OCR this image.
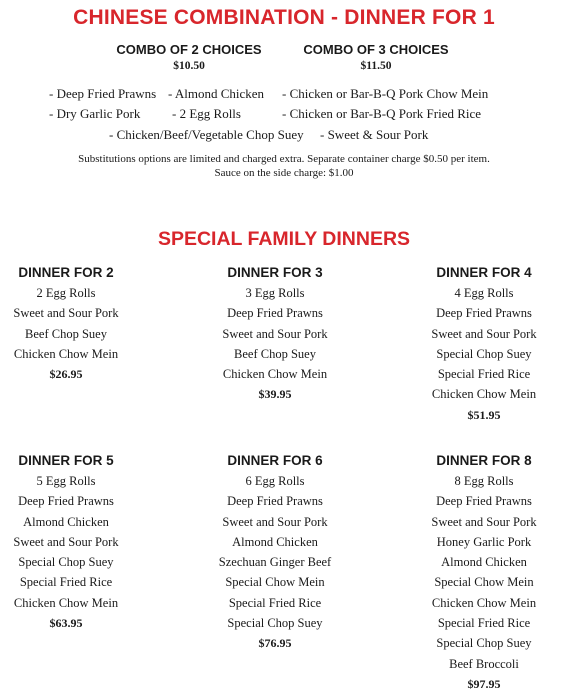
CHINESE COMBINATION - DINNER FOR 1
COMBO OF 2 CHOICES
$10.50
COMBO OF 3 CHOICES
$11.50
- Deep Fried Prawns - Almond Chicken - Chicken or Bar-B-Q Pork Chow Mein
- Dry Garlic Pork - 2 Egg Rolls	- Chicken or Bar-B-Q Pork Fried Rice
- Chicken/Beef/Vegetable Chop Suey - Sweet & Sour Pork
Substitutions options are limited and charged extra. Separate container charge $0.50 per item.
Sauce on the side charge: $1.00
SPECIAL FAMILY DINNERS
DINNER FOR 2
2 Egg Rolls
Sweet and Sour Pork
Beef Chop Suey
Chicken Chow Mein
$26.95
DINNER FOR 3
3 Egg Rolls
Deep Fried Prawns
Sweet and Sour Pork
Beef Chop Suey
Chicken Chow Mein
$39.95
DINNER FOR 4
4 Egg Rolls
Deep Fried Prawns
Sweet and Sour Pork
Special Chop Suey
Special Fried Rice
Chicken Chow Mein
$51.95
DINNER FOR 5
5 Egg Rolls
Deep Fried Prawns
Almond Chicken
Sweet and Sour Pork
Special Chop Suey
Special Fried Rice
Chicken Chow Mein
$63.95
DINNER FOR 6
6 Egg Rolls
Deep Fried Prawns
Sweet and Sour Pork
Almond Chicken
Szechuan Ginger Beef
Special Chow Mein
Special Fried Rice
Special Chop Suey
$76.95
DINNER FOR 8
8 Egg Rolls
Deep Fried Prawns
Sweet and Sour Pork
Honey Garlic Pork
Almond Chicken
Special Chow Mein
Chicken Chow Mein
Special Fried Rice
Special Chop Suey
Beef Broccoli
$97.95
